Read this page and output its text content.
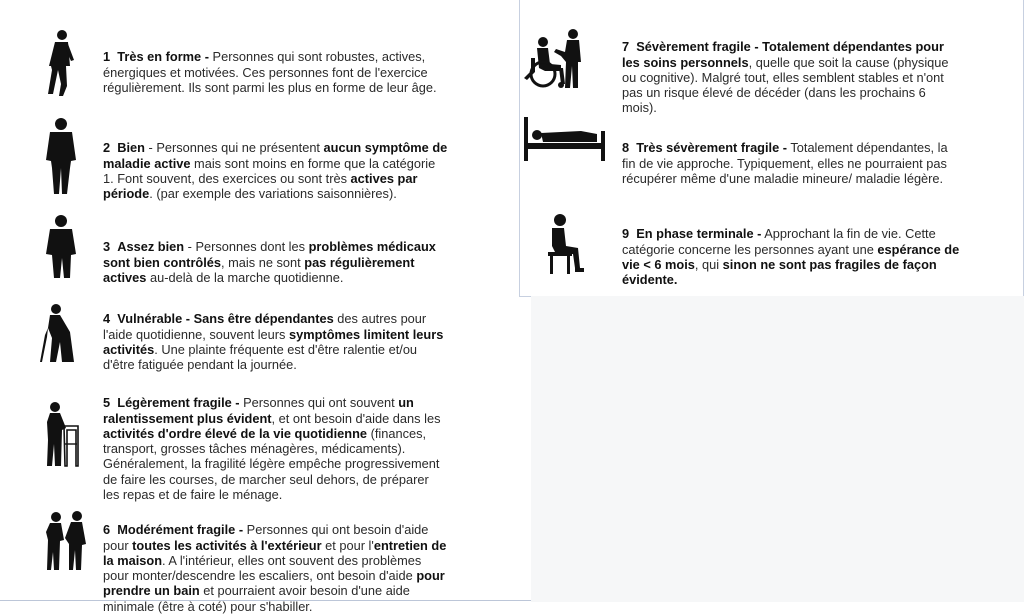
1 Très en forme - Personnes qui sont robustes, actives,
énergiques et motivées. Ces personnes font de l'exercice
régulièrement. Ils sont parmi les plus en forme de leur âge.

2 Bien - Personnes qui ne présentent aucun symptôme de
maladie active mais sont moins en forme que la catégorie
1. Font souvent, des exercices ou sont très actives par
période. (par exemple des variations saisonnières).

3 Assez bien - Personnes dont les problèmes médicaux
sont bien contrôlés, mais ne sont pas régulièrement
actives au-delà de la marche quotidienne.

4 Vulnérable - Sans être dépendantes des autres pour
l'aide quotidienne, souvent leurs symptômes limitent leurs
activités. Une plainte fréquente est d'être ralentie et/ou
d'être fatiguée pendant la journée.

5 Légèrement fragile - Personnes qui ont souvent un
ralentissement plus évident, et ont besoin d'aide dans les
activités d'ordre élevé de la vie quotidienne (finances,
transport, grosses tâches ménagères, médicaments).
Généralement, la fragilité légère empêche progressivement
de faire les courses, de marcher seul dehors, de préparer
les repas et de faire le ménage.

6 Modérément fragile - Personnes qui ont besoin d'aide
pour toutes les activités à l'extérieur et pour l'entretien de
la maison. A l'intérieur, elles ont souvent des problèmes
pour monter/descendre les escaliers, ont besoin d'aide pour
prendre un bain et pourraient avoir besoin d'une aide
minimale (être à coté) pour s'habiller.

7 Sévèrement fragile - Totalement dépendantes pour
les soins personnels, quelle que soit la cause (physique
ou cognitive). Malgré tout, elles semblent stables et n'ont
pas un risque élevé de décéder (dans les prochains 6
mois).

8 Très sévèrement fragile - Totalement dépendantes, la
fin de vie approche. Typiquement, elles ne pourraient pas
récupérer même d'une maladie mineure/ maladie légère.

9 En phase terminale - Approchant la fin de vie. Cette
catégorie concerne les personnes ayant une espérance de
vie < 6 mois, qui sinon ne sont pas fragiles de façon
évidente.
